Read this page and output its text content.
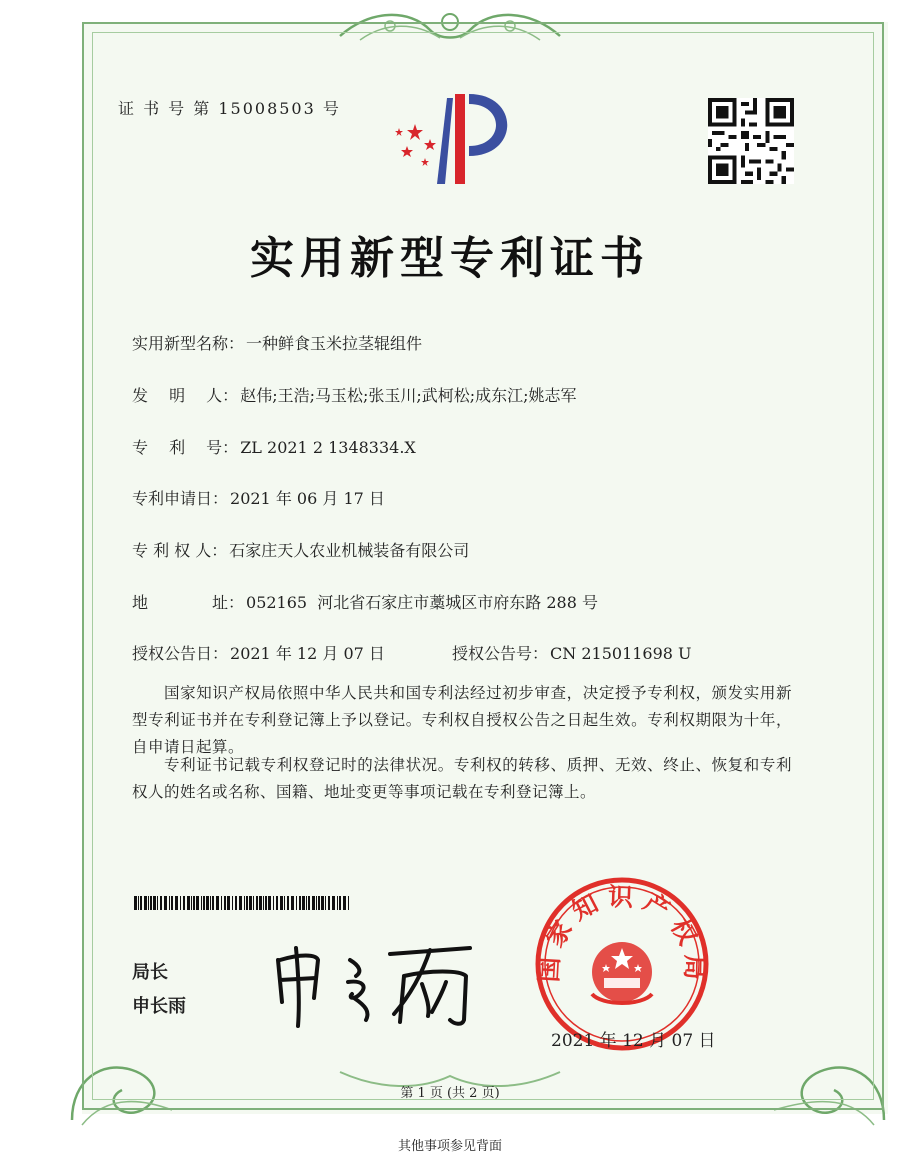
证 书 号 第 15008503 号
实用新型专利证书
实用新型名称： 一种鲜食玉米拉茎辊组件
发　 明　 人： 赵伟;王浩;马玉松;张玉川;武柯松;成东江;姚志军
专　 利　 号： ZL 2021 2 1348334.X
专利申请日： 2021 年 06 月 17 日
专 利 权 人： 石家庄天人农业机械装备有限公司
地　　　　址： 052165  河北省石家庄市藁城区市府东路 288 号
授权公告日： 2021 年 12 月 07 日	授权公告号： CN 215011698 U
国家知识产权局依照中华人民共和国专利法经过初步审查，决定授予专利权，颁发实用新型专利证书并在专利登记簿上予以登记。专利权自授权公告之日起生效。专利权期限为十年，自申请日起算。
专利证书记载专利权登记时的法律状况。专利权的转移、质押、无效、终止、恢复和专利权人的姓名或名称、国籍、地址变更等事项记载在专利登记簿上。
局长
申长雨
国家知识产权局
2021 年 12 月 07 日
第 1 页 (共 2 页)
其他事项参见背面
